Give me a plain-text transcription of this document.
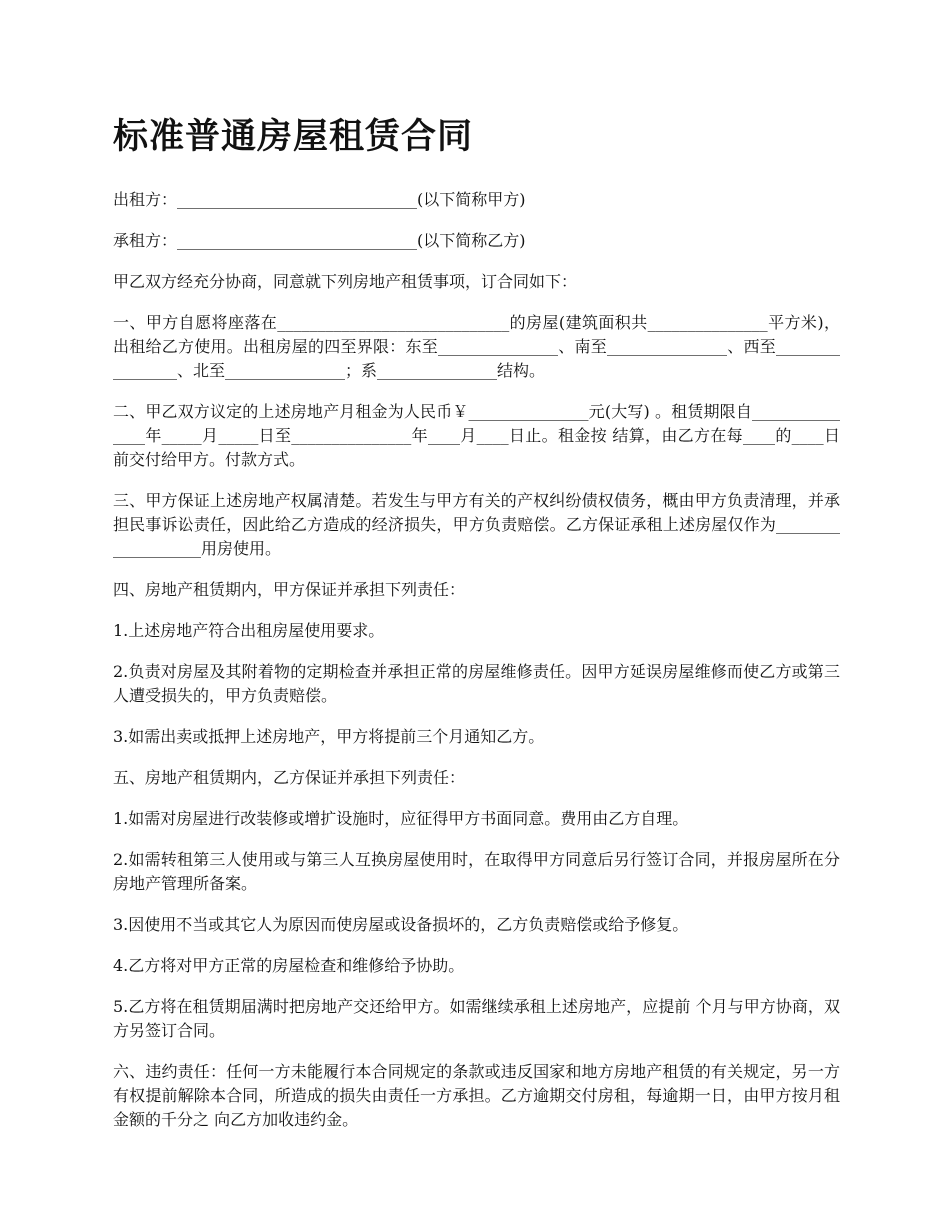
标准普通房屋租赁合同

出租方：______________________________(以下简称甲方)

承租方：______________________________(以下简称乙方)

甲乙双方经充分协商，同意就下列房地产租赁事项，订合同如下：

一、甲方自愿将座落在_____________________________的房屋(建筑面积共_______________平方米)，出租给乙方使用。出租房屋的四至界限：东至_______________、南至_______________、西至________________、北至_______________；系_______________结构。

二、甲乙双方议定的上述房地产月租金为人民币￥_______________元(大写) 。租赁期限自_______________年_____月_____日至_______________年____月____日止。租金按 结算，由乙方在每____的____日前交付给甲方。付款方式。

三、甲方保证上述房地产权属清楚。若发生与甲方有关的产权纠纷债权债务，概由甲方负责清理，并承担民事诉讼责任，因此给乙方造成的经济损失，甲方负责赔偿。乙方保证承租上述房屋仅作为___________________用房使用。

四、房地产租赁期内，甲方保证并承担下列责任：

1.上述房地产符合出租房屋使用要求。

2.负责对房屋及其附着物的定期检查并承担正常的房屋维修责任。因甲方延误房屋维修而使乙方或第三人遭受损失的，甲方负责赔偿。

3.如需出卖或抵押上述房地产，甲方将提前三个月通知乙方。

五、房地产租赁期内，乙方保证并承担下列责任：

1.如需对房屋进行改装修或增扩设施时，应征得甲方书面同意。费用由乙方自理。

2.如需转租第三人使用或与第三人互换房屋使用时，在取得甲方同意后另行签订合同，并报房屋所在分房地产管理所备案。

3.因使用不当或其它人为原因而使房屋或设备损坏的，乙方负责赔偿或给予修复。

4.乙方将对甲方正常的房屋检查和维修给予协助。

5.乙方将在租赁期届满时把房地产交还给甲方。如需继续承租上述房地产，应提前 个月与甲方协商，双方另签订合同。

六、违约责任：任何一方未能履行本合同规定的条款或违反国家和地方房地产租赁的有关规定，另一方有权提前解除本合同，所造成的损失由责任一方承担。乙方逾期交付房租，每逾期一日，由甲方按月租金额的千分之 向乙方加收违约金。
